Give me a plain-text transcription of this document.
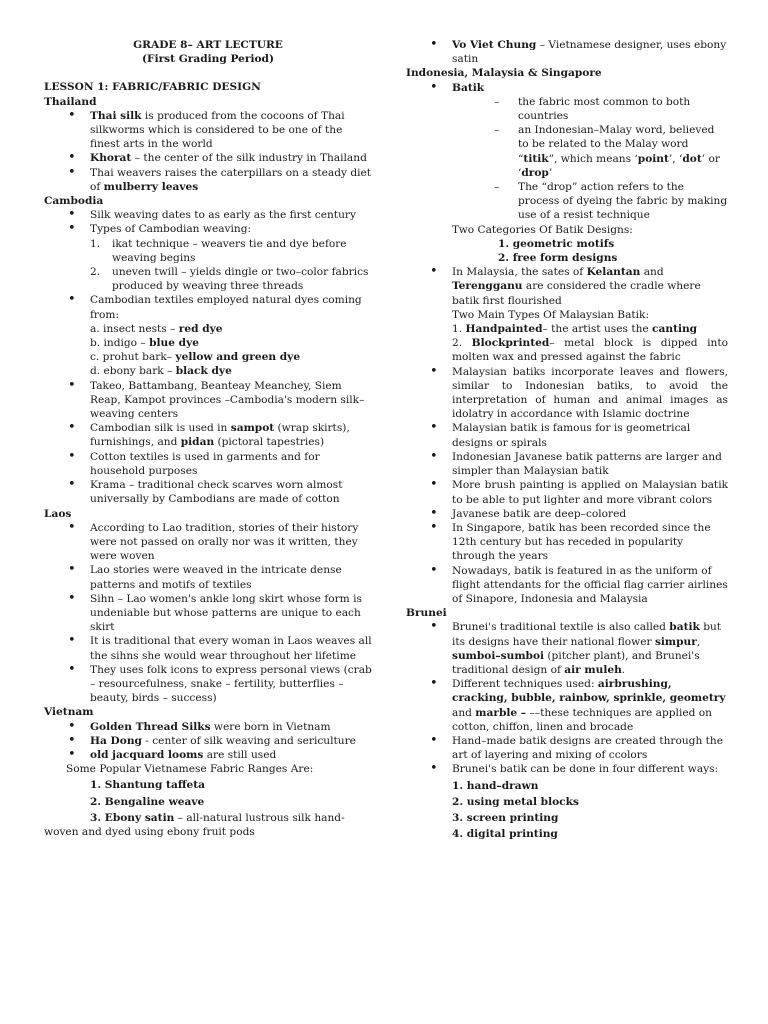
GRADE 8– ART LECTURE
(First Grading Period)
LESSON 1: FABRIC/FABRIC DESIGN
Thailand
• Thai silk is produced from the cocoons of Thai silkworms which is considered to be one of the finest arts in the world
• Khorat – the center of the silk industry in Thailand
• Thai weavers raises the caterpillars on a steady diet of mulberry leaves
Cambodia
• Silk weaving dates to as early as the first century
• Types of Cambodian weaving:
1. ikat technique – weavers tie and dye before weaving begins
2. uneven twill – yields dingle or two–color fabrics produced by weaving three threads
• Cambodian textiles employed natural dyes coming from:
a. insect nests – red dye
b. indigo – blue dye
c. prohut bark– yellow and green dye
d. ebony bark – black dye
• Takeo, Battambang, Beanteay Meanchey, Siem Reap, Kampot provinces –Cambodia's modern silk–weaving centers
• Cambodian silk is used in sampot (wrap skirts), furnishings, and pidan (pictoral tapestries)
• Cotton textiles is used in garments and for household purposes
• Krama – traditional check scarves worn almost universally by Cambodians are made of cotton
Laos
• According to Lao tradition, stories of their history were not passed on orally nor was it written, they were woven
• Lao stories were weaved in the intricate dense patterns and motifs of textiles
• Sihn – Lao women's ankle long skirt whose form is undeniable but whose patterns are unique to each skirt
• It is traditional that every woman in Laos weaves all the sihns she would wear throughout her lifetime
• They uses folk icons to express personal views (crab – resourcefulness, snake – fertility, butterflies – beauty, birds – success)
Vietnam
• Golden Thread Silks were born in Vietnam
• Ha Dong - center of silk weaving and sericulture
• old jacquard looms are still used
Some Popular Vietnamese Fabric Ranges Are:
1. Shantung taffeta
2. Bengaline weave
3. Ebony satin – all-natural lustrous silk hand-woven and dyed using ebony fruit pods
• Vo Viet Chung – Vietnamese designer, uses ebony satin
Indonesia, Malaysia & Singapore
• Batik
– the fabric most common to both countries
– an Indonesian–Malay word, believed to be related to the Malay word “titik”, which means ‘point’, ‘dot’ or ‘drop’
– The “drop” action refers to the process of dyeing the fabric by making use of a resist technique
Two Categories Of Batik Designs:
1. geometric motifs
2. free form designs
• In Malaysia, the sates of Kelantan and Terengganu are considered the cradle where batik first flourished
Two Main Types Of Malaysian Batik:
1. Handpainted– the artist uses the canting
2. Blockprinted– metal block is dipped into molten wax and pressed against the fabric
• Malaysian batiks incorporate leaves and flowers, similar to Indonesian batiks, to avoid the interpretation of human and animal images as idolatry in accordance with Islamic doctrine
• Malaysian batik is famous for is geometrical designs or spirals
• Indonesian Javanese batik patterns are larger and simpler than Malaysian batik
• More brush painting is applied on Malaysian batik to be able to put lighter and more vibrant colors
• Javanese batik are deep–colored
• In Singapore, batik has been recorded since the 12th century but has receded in popularity through the years
• Nowadays, batik is featured in as the uniform of flight attendants for the official flag carrier airlines of Sinapore, Indonesia and Malaysia
Brunei
• Brunei's traditional textile is also called batik but its designs have their national flower simpur, sumboi–sumboi (pitcher plant), and Brunei's traditional design of air muleh.
• Different techniques used: airbrushing, cracking, bubble, rainbow, sprinkle, geometry and marble – ––these techniques are applied on cotton, chiffon, linen and brocade
• Hand–made batik designs are created through the art of layering and mixing of ccolors
• Brunei's batik can be done in four different ways:
1. hand–drawn
2. using metal blocks
3. screen printing
4. digital printing
